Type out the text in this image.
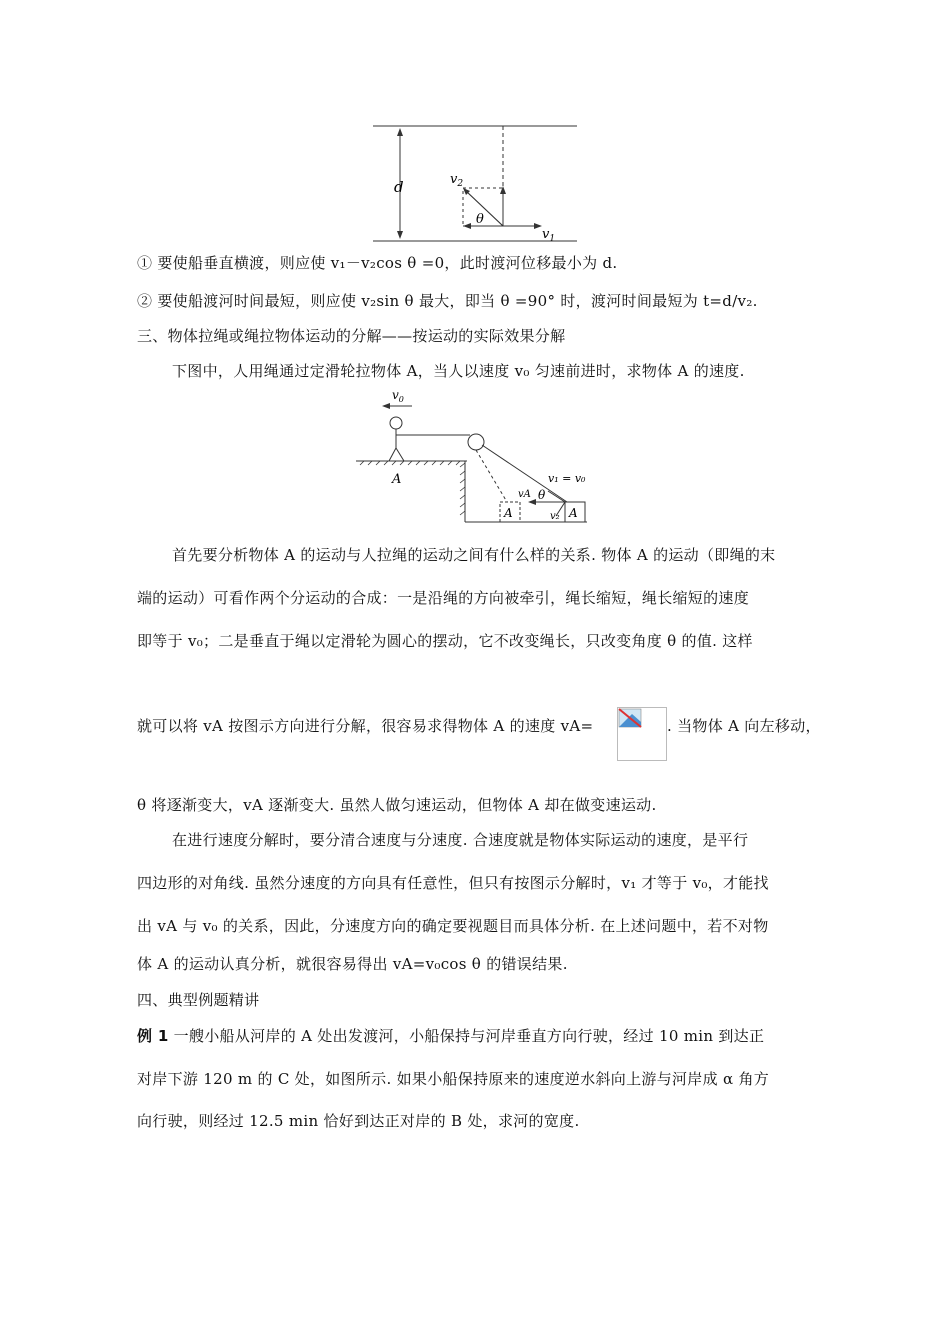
d	$v_2$
θ
$v_1$
① 要使船垂直横渡，则应使 v₁－v₂cos θ =0，此时渡河位移最小为 d.
② 要使船渡河时间最短，则应使 v₂sin θ 最大，即当 θ =90° 时，渡河时间最短为 t=d/v₂.
三、物体拉绳或绳拉物体运动的分解——按运动的实际效果分解
下图中，人用绳通过定滑轮拉物体 A，当人以速度 v₀ 匀速前进时，求物体 A 的速度.
$v_0$
A
A	A
v₁ = v₀
θ
vA
v₂
首先要分析物体 A 的运动与人拉绳的运动之间有什么样的关系. 物体 A 的运动（即绳的末
端的运动）可看作两个分运动的合成：一是沿绳的方向被牵引，绳长缩短，绳长缩短的速度
即等于 v₀；二是垂直于绳以定滑轮为圆心的摆动，它不改变绳长，只改变角度 θ 的值. 这样
就可以将 vA 按图示方向进行分解，很容易求得物体 A 的速度 vA=	. 当物体 A 向左移动，
θ 将逐渐变大，vA 逐渐变大. 虽然人做匀速运动，但物体 A 却在做变速运动.
在进行速度分解时，要分清合速度与分速度. 合速度就是物体实际运动的速度，是平行
四边形的对角线. 虽然分速度的方向具有任意性，但只有按图示分解时，v₁ 才等于 v₀，才能找
出 vA 与 v₀ 的关系，因此，分速度方向的确定要视题目而具体分析. 在上述问题中，若不对物
体 A 的运动认真分析，就很容易得出 vA=v₀cos θ 的错误结果.
四、典型例题精讲
例 1 一艘小船从河岸的 A 处出发渡河，小船保持与河岸垂直方向行驶，经过 10 min 到达正
对岸下游 120 m 的 C 处，如图所示. 如果小船保持原来的速度逆水斜向上游与河岸成 α 角方
向行驶，则经过 12.5 min 恰好到达正对岸的 B 处，求河的宽度.
